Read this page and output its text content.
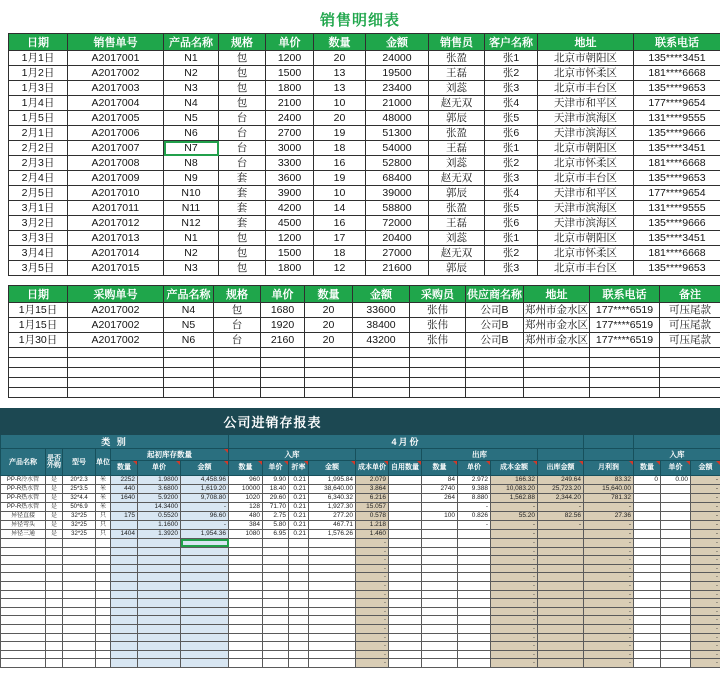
销售明细表
日期	销售单号	产品名称	规格	单价	数量	金额	销售员	客户名称	地址	联系电话
1月1日	A2017001	N1	包	1200	20	24000	张盈	张1	北京市朝阳区	135****3451
1月2日	A2017002	N2	包	1500	13	19500	王磊	张2	北京市怀柔区	181****6668
1月3日	A2017003	N3	包	1800	13	23400	刘蕊	张3	北京市丰台区	135****9653
1月4日	A2017004	N4	包	2100	10	21000	赵无双	张4	天津市和平区	177****9654
1月5日	A2017005	N5	台	2400	20	48000	郭辰	张5	天津市滨海区	131****9555
2月1日	A2017006	N6	台	2700	19	51300	张盈	张6	天津市滨海区	135****9666
2月2日	A2017007	N7	台	3000	18	54000	王磊	张1	北京市朝阳区	135****3451
2月3日	A2017008	N8	台	3300	16	52800	刘蕊	张2	北京市怀柔区	181****6668
2月4日	A2017009	N9	套	3600	19	68400	赵无双	张3	北京市丰台区	135****9653
2月5日	A2017010	N10	套	3900	10	39000	郭辰	张4	天津市和平区	177****9654
3月1日	A2017011	N11	套	4200	14	58800	张盈	张5	天津市滨海区	131****9555
3月2日	A2017012	N12	套	4500	16	72000	王磊	张6	天津市滨海区	135****9666
3月3日	A2017013	N1	包	1200	17	20400	刘蕊	张1	北京市朝阳区	135****3451
3月4日	A2017014	N2	包	1500	18	27000	赵无双	张2	北京市怀柔区	181****6668
3月5日	A2017015	N3	包	1800	12	21600	郭辰	张3	北京市丰台区	135****9653
日期	采购单号	产品名称	规格	单价	数量	金额	采购员	供应商名称	地址	联系电话	备注
1月15日	A2017002	N4	包	1680	20	33600	张伟	公司B	郑州市金水区	177****6519	可压尾款
1月15日	A2017002	N5	台	1920	20	38400	张伟	公司B	郑州市金水区	177****6519	可压尾款
1月30日	A2017002	N6	台	2160	20	43200	张伟	公司B	郑州市金水区	177****6519	可压尾款

公司进销存报表																				
类 别							4月份													
产品名称	是否外购	型号	单位	起初库存数量			入库						出库					入库		
				数量	单价	金额	数量	单价	折率	金额	成本单价	自用数量	数量	单价	成本金额	出库金额	月利润	数量	单价	金额
PP-R冷水管	是	20*2.3	米	2252	1.9800	4,458.96	960	9.90	0.21	1,995.84	2.079		84	2.972	166.32	249.64	83.32	0	0.00	-
PP-R热水管	是	25*3.5	米	440	3.6800	1,619.20	10000	18.40	0.21	38,640.00	3.864		2740	9.388	10,083.20	25,723.20	15,640.00			-
PP-R热水管	是	32*4.4	米	1640	5.9200	9,708.80	1020	29.60	0.21	6,340.32	6.216		264	8.880	1,562.88	2,344.20	781.32			-
PP-R热水管	是	50*6.9	米		14.3400	-	128	71.70	0.21	1,927.30	15.057			-	-	-	-			-
异径直接	是	32*25	只	175	0.5520	96.60	480	2.75	0.21	277.20	0.578		100	0.826	55.20	82.56	27.36			-
异径弯头	是	32*25	只		1.1600	-	384	5.80	0.21	467.71	1.218			-	-	-	-			-
异径三通	是	32*25	只	1404	1.3920	1,954.36	1080	6.95	0.21	1,576.26	1.460				-		-			-
											-				-		-			-
											-				-		-			-
											-				-		-			-
											-				-		-			-
											-				-		-			-
											-				-		-			-
											-				-		-			-
											-				-		-			-
											-				-		-			-
											-				-		-			-
											-				-		-			-
											-				-		-			-
											-				-		-			-
											-				-		-			-
											-				-		-			-
